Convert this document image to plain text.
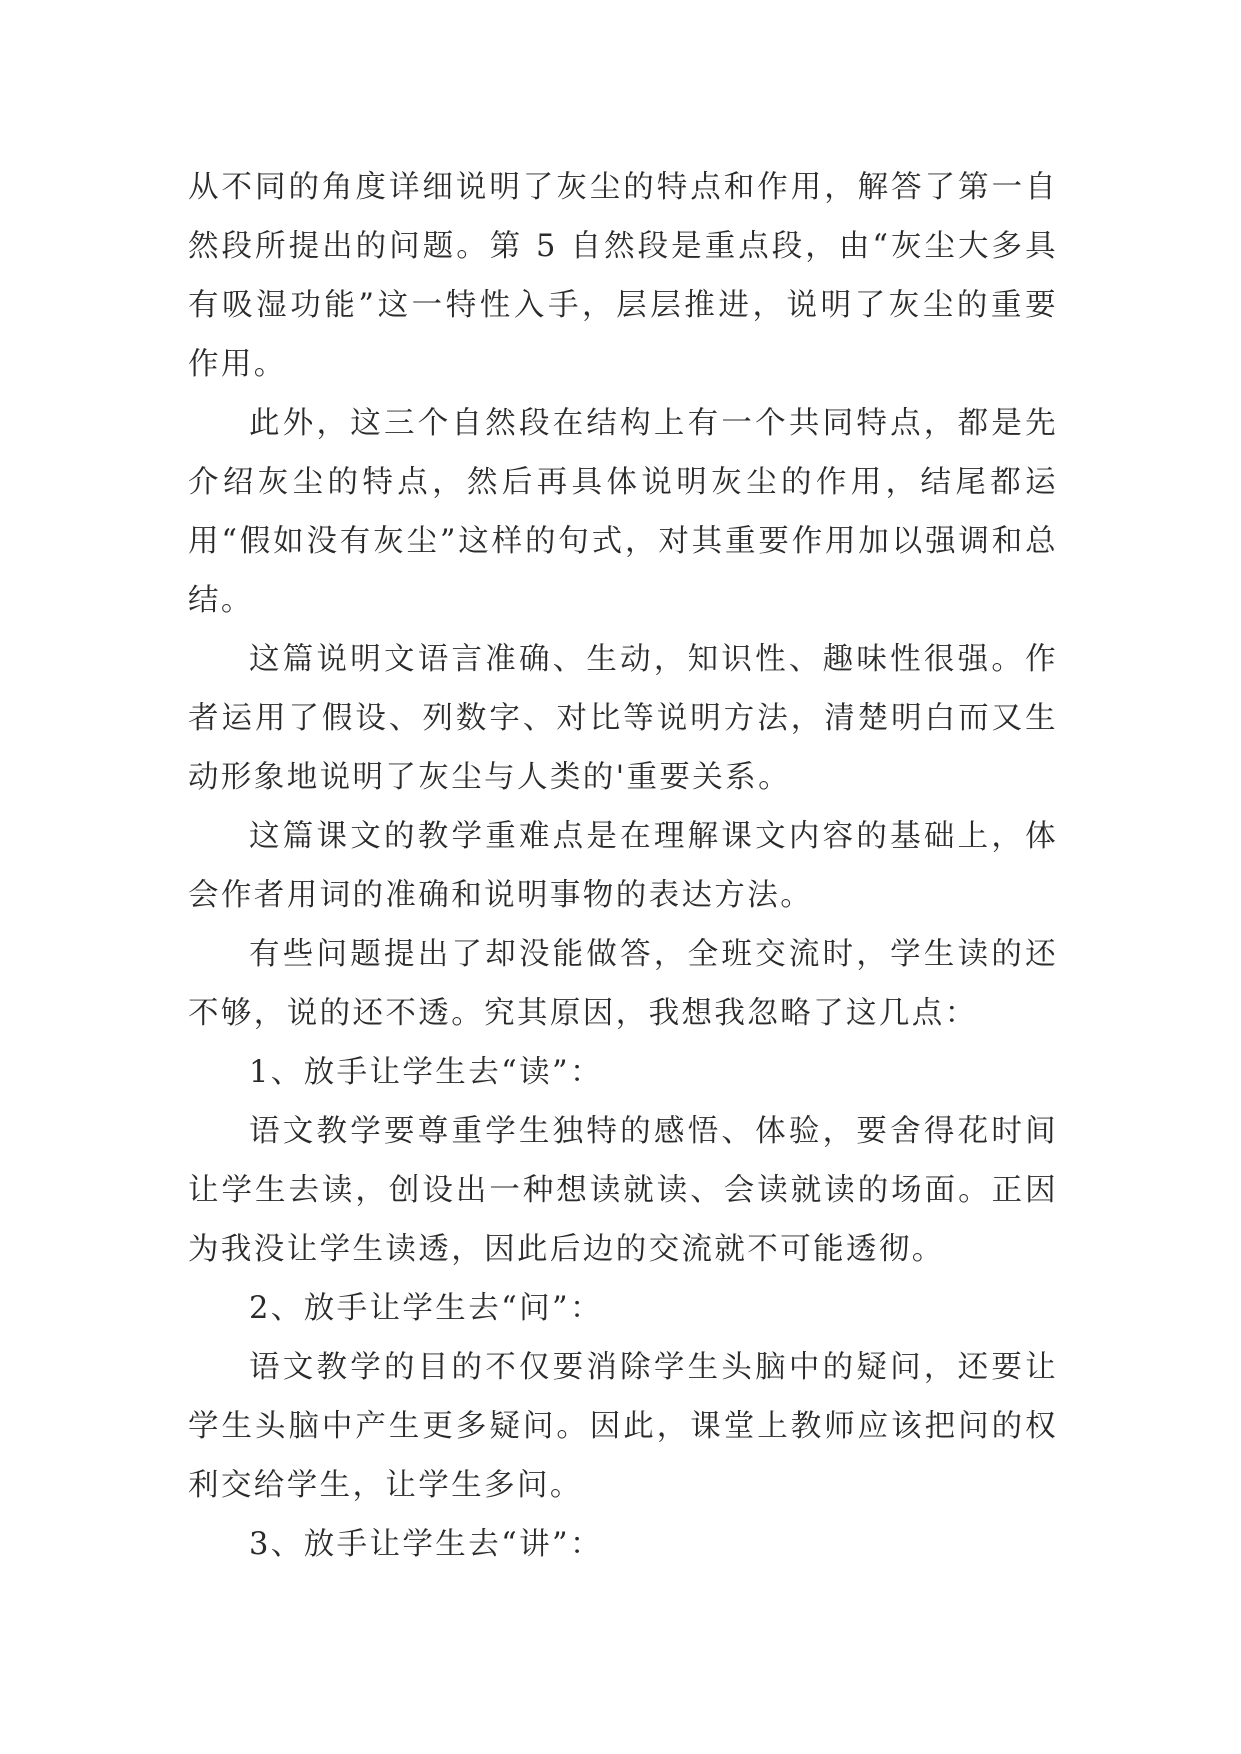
从不同的角度详细说明了灰尘的特点和作用，解答了第一自然段所提出的问题。第 5 自然段是重点段，由“灰尘大多具有吸湿功能”这一特性入手，层层推进，说明了灰尘的重要作用。

此外，这三个自然段在结构上有一个共同特点，都是先介绍灰尘的特点，然后再具体说明灰尘的作用，结尾都运用“假如没有灰尘”这样的句式，对其重要作用加以强调和总结。

这篇说明文语言准确、生动，知识性、趣味性很强。作者运用了假设、列数字、对比等说明方法，清楚明白而又生动形象地说明了灰尘与人类的'重要关系。

这篇课文的教学重难点是在理解课文内容的基础上，体会作者用词的准确和说明事物的表达方法。

有些问题提出了却没能做答，全班交流时，学生读的还不够，说的还不透。究其原因，我想我忽略了这几点：

1、放手让学生去“读”：

语文教学要尊重学生独特的感悟、体验，要舍得花时间让学生去读，创设出一种想读就读、会读就读的场面。正因为我没让学生读透，因此后边的交流就不可能透彻。

2、放手让学生去“问”：

语文教学的目的不仅要消除学生头脑中的疑问，还要让学生头脑中产生更多疑问。因此，课堂上教师应该把问的权利交给学生，让学生多问。

3、放手让学生去“讲”：
